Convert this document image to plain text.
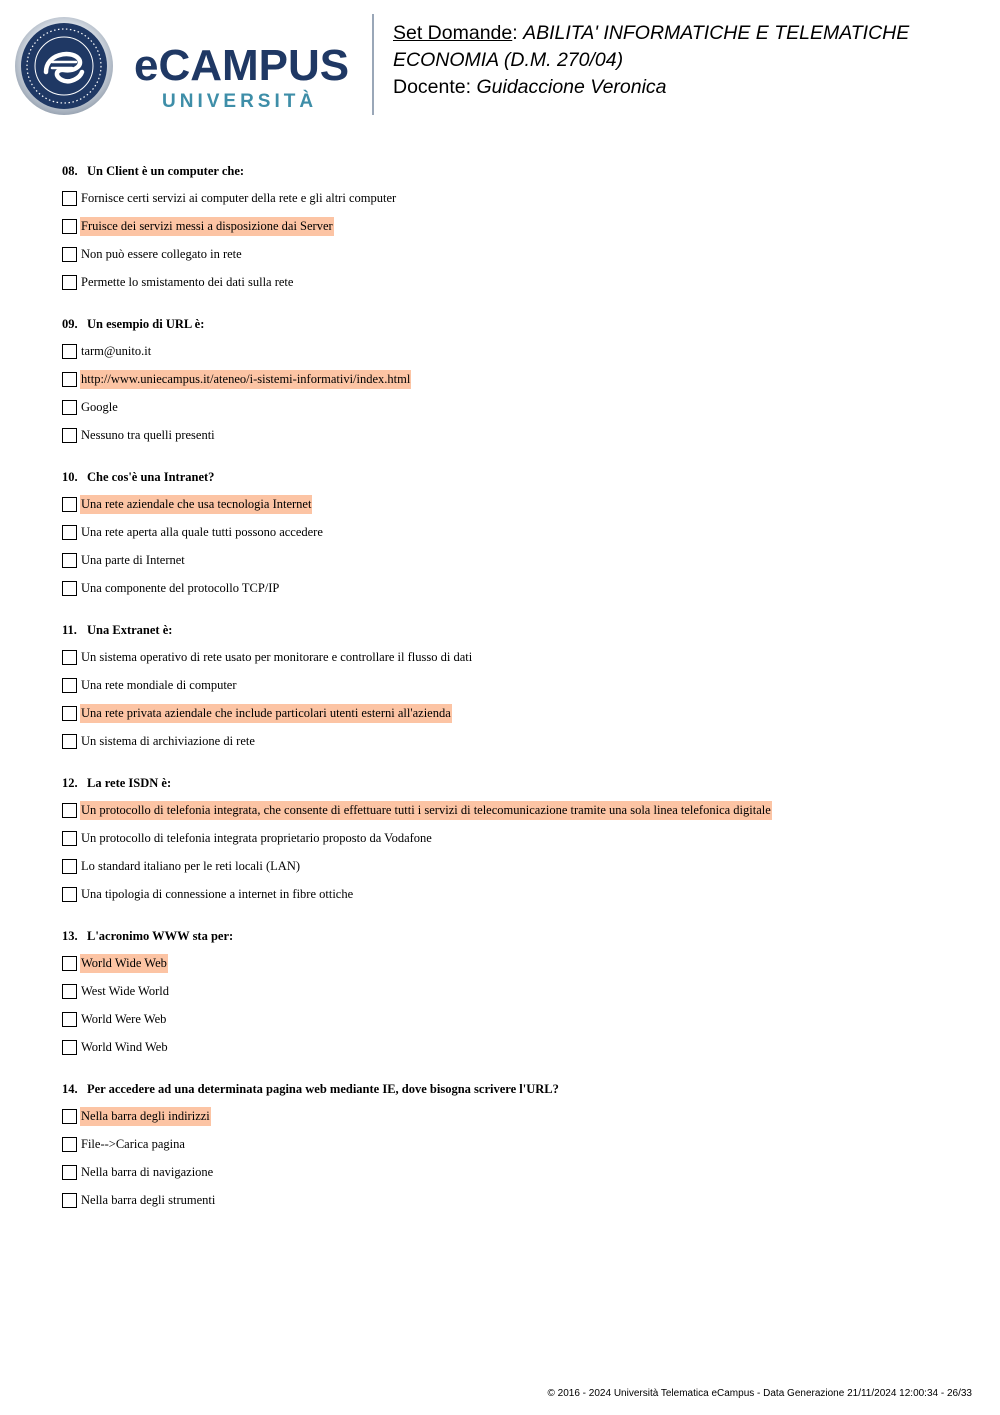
eCAMPUS
UNIVERSITÀ
Set Domande: ABILITA' INFORMATICHE E TELEMATICHE ECONOMIA (D.M. 270/04)
Docente: Guidaccione Veronica
08. Un Client è un computer che:
Fornisce certi servizi ai computer della rete e gli altri computer
Fruisce dei servizi messi a disposizione dai Server
Non può essere collegato in rete
Permette lo smistamento dei dati sulla rete
09. Un esempio di URL è:
tarm@unito.it
http://www.uniecampus.it/ateneo/i-sistemi-informativi/index.html
Google
Nessuno tra quelli presenti
10. Che cos'è una Intranet?
Una rete aziendale che usa tecnologia Internet
Una rete aperta alla quale tutti possono accedere
Una parte di Internet
Una componente del protocollo TCP/IP
11. Una Extranet è:
Un sistema operativo di rete usato per monitorare e controllare il flusso di dati
Una rete mondiale di computer
Una rete privata aziendale che include particolari utenti esterni all'azienda
Un sistema di archiviazione di rete
12. La rete ISDN è:
Un protocollo di telefonia integrata, che consente di effettuare tutti i servizi di telecomunicazione tramite una sola linea telefonica digitale
Un protocollo di telefonia integrata proprietario proposto da Vodafone
Lo standard italiano per le reti locali (LAN)
Una tipologia di connessione a internet in fibre ottiche
13. L'acronimo WWW sta per:
World Wide Web
West Wide World
World Were Web
World Wind Web
14. Per accedere ad una determinata pagina web mediante IE, dove bisogna scrivere l'URL?
Nella barra degli indirizzi
File-->Carica pagina
Nella barra di navigazione
Nella barra degli strumenti
© 2016 - 2024 Università Telematica eCampus - Data Generazione 21/11/2024 12:00:34 - 26/33
